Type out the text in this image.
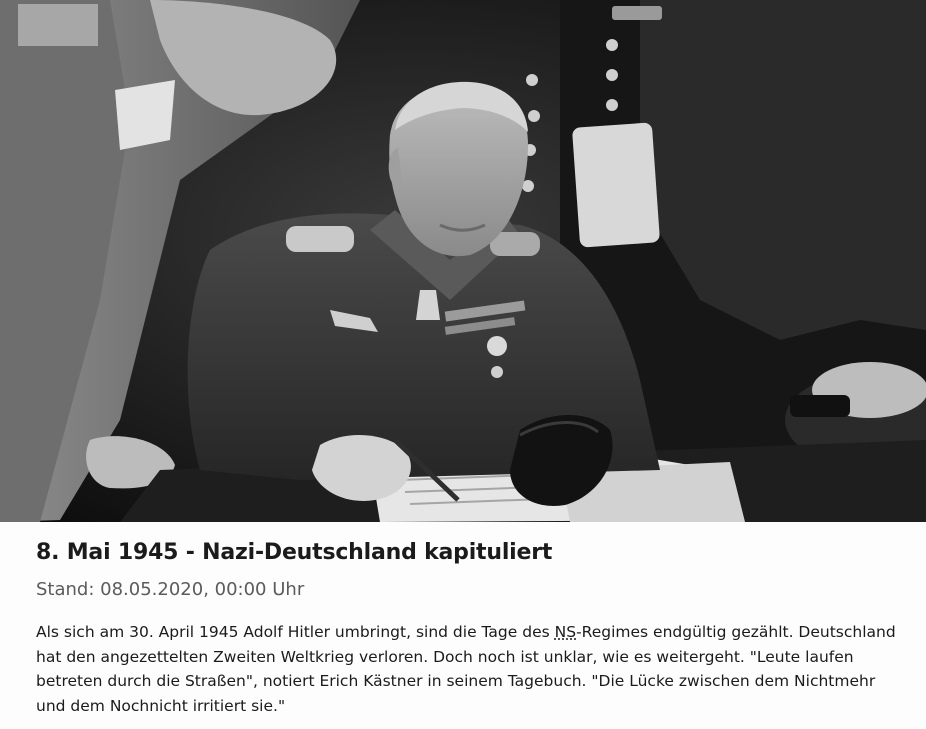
8. Mai 1945 - Nazi-Deutschland kapituliert
Stand: 08.05.2020, 00:00 Uhr

Als sich am 30. April 1945 Adolf Hitler umbringt, sind die Tage des NS-Regimes endgültig gezählt. Deutschland hat den angezettelten Zweiten Weltkrieg verloren. Doch noch ist unklar, wie es weitergeht. "Leute laufen betreten durch die Straßen", notiert Erich Kästner in seinem Tagebuch. "Die Lücke zwischen dem Nichtmehr und dem Nochnicht irritiert sie."
